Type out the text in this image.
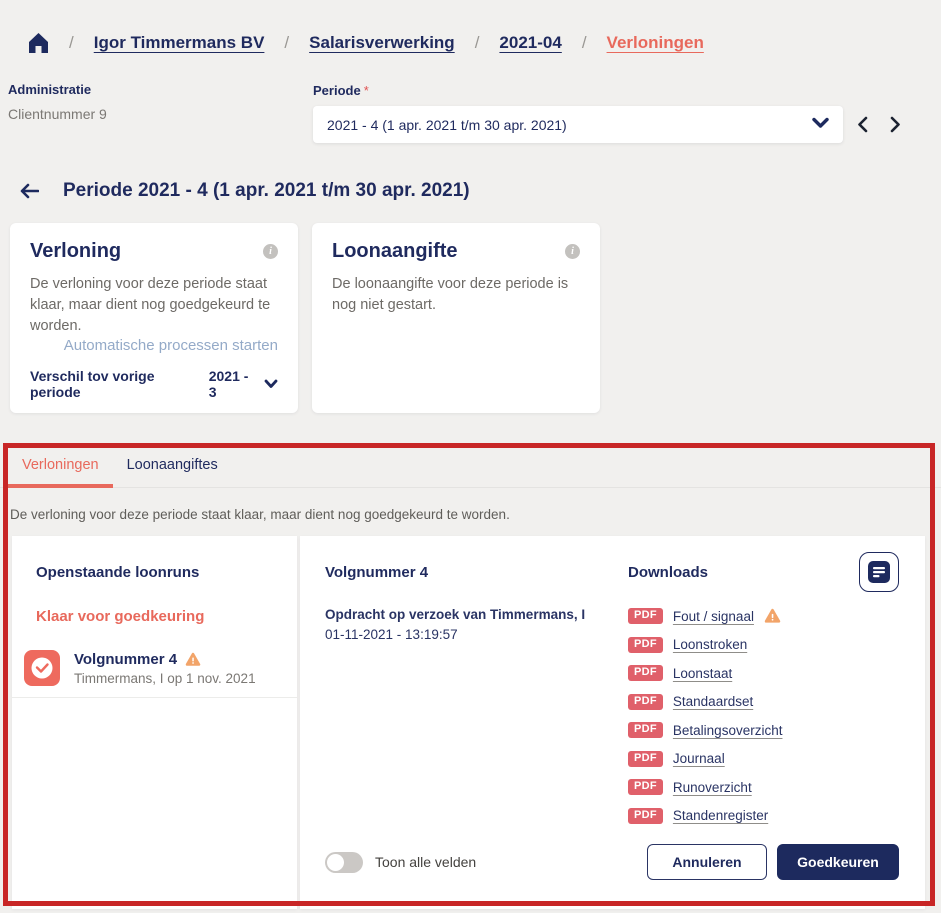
/ Igor Timmermans BV / Salarisverwerking / 2021-04 / Verloningen
Administratie
Clientnummer 9
Periode *
2021 - 4 (1 apr. 2021 t/m 30 apr. 2021)
Periode 2021 - 4 (1 apr. 2021 t/m 30 apr. 2021)
Verloning	i
De verloning voor deze periode staat klaar, maar dient nog goedgekeurd te worden.
Automatische processen starten
Verschil tov vorige periode
2021 - 3
Loonaangifte	i
De loonaangifte voor deze periode is nog niet gestart.
Verloningen	Loonaangiftes
De verloning voor deze periode staat klaar, maar dient nog goedgekeurd te worden.
Openstaande loonruns
Klaar voor goedkeuring
Volgnummer 4
Timmermans, I op 1 nov. 2021
Volgnummer 4
Opdracht op verzoek van Timmermans, I
01-11-2021 - 13:19:57
Downloads
PDF	Fout / signaal
PDF	Loonstroken
PDF	Loonstaat
PDF	Standaardset
PDF	Betalingsoverzicht
PDF	Journaal
PDF	Runoverzicht
PDF	Standenregister
Toon alle velden	Annuleren	Goedkeuren
